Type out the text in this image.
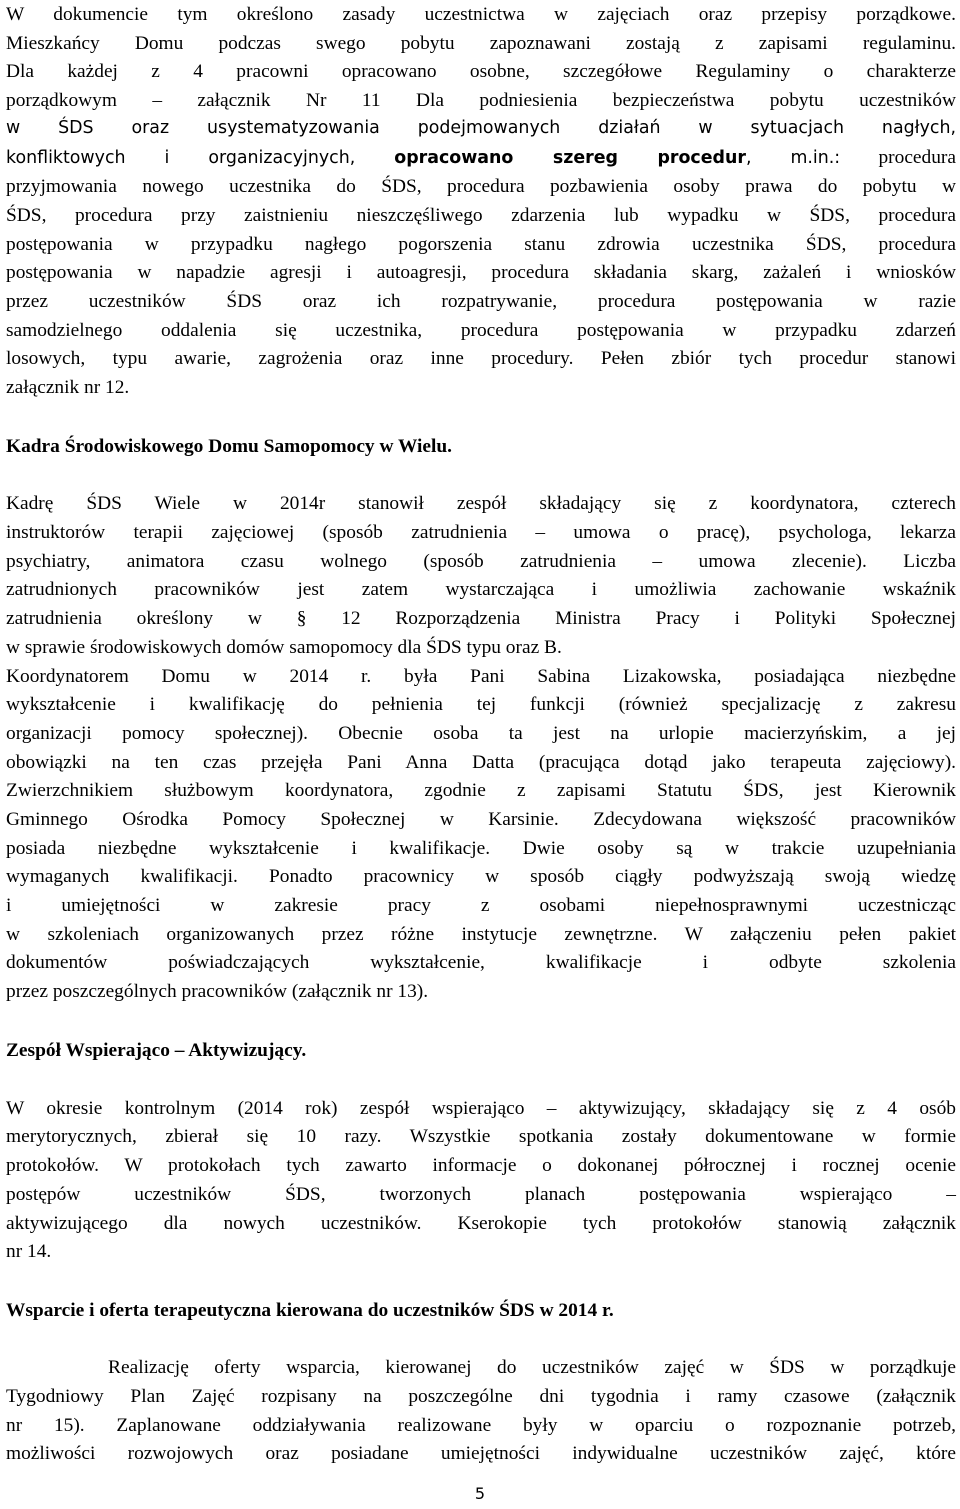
W dokumencie tym określono zasady uczestnictwa w zajęciach oraz przepisy porządkowe.
Mieszkańcy Domu podczas swego pobytu zapoznawani zostają z zapisami regulaminu.
Dla każdej z 4 pracowni opracowano osobne, szczegółowe Regulaminy o charakterze
porządkowym – załącznik Nr 11 Dla podniesienia bezpieczeństwa pobytu uczestników
w ŚDS oraz usystematyzowania podejmowanych działań w sytuacjach nagłych,
konfliktowych i organizacyjnych, opracowano szereg procedur, m.in.: procedura
przyjmowania nowego uczestnika do ŚDS, procedura pozbawienia osoby prawa do pobytu w
ŚDS, procedura przy zaistnieniu nieszczęśliwego zdarzenia lub wypadku w ŚDS, procedura
postępowania w przypadku nagłego pogorszenia stanu zdrowia uczestnika ŚDS, procedura
postępowania w napadzie agresji i autoagresji, procedura składania skarg, zażaleń i wniosków
przez uczestników ŚDS oraz ich rozpatrywanie, procedura postępowania w razie
samodzielnego oddalenia się uczestnika, procedura postępowania w przypadku zdarzeń
losowych, typu awarie, zagrożenia oraz inne procedury. Pełen zbiór tych procedur stanowi
załącznik nr 12.
Kadra Środowiskowego Domu Samopomocy w Wielu.
Kadrę ŚDS Wiele w 2014r stanowił zespół składający się z koordynatora, czterech
instruktorów terapii zajęciowej (sposób zatrudnienia – umowa o pracę), psychologa, lekarza
psychiatry, animatora czasu wolnego (sposób zatrudnienia – umowa zlecenie). Liczba
zatrudnionych pracowników jest zatem wystarczająca i umożliwia zachowanie wskaźnik
zatrudnienia określony w § 12 Rozporządzenia Ministra Pracy i Polityki Społecznej
w sprawie środowiskowych domów samopomocy dla ŚDS typu oraz B.
Koordynatorem Domu w 2014 r. była Pani Sabina Lizakowska, posiadająca niezbędne
wykształcenie i kwalifikację do pełnienia tej funkcji (również specjalizację z zakresu
organizacji pomocy społecznej). Obecnie osoba ta jest na urlopie macierzyńskim, a jej
obowiązki na ten czas przejęła Pani Anna Datta (pracująca dotąd jako terapeuta zajęciowy).
Zwierzchnikiem służbowym koordynatora, zgodnie z zapisami Statutu ŚDS, jest Kierownik
Gminnego Ośrodka Pomocy Społecznej w Karsinie. Zdecydowana większość pracowników
posiada niezbędne wykształcenie i kwalifikacje. Dwie osoby są w trakcie uzupełniania
wymaganych kwalifikacji. Ponadto pracownicy w sposób ciągły podwyższają swoją wiedzę
i umiejętności w zakresie pracy z osobami niepełnosprawnymi uczestnicząc
w szkoleniach organizowanych przez różne instytucje zewnętrzne. W załączeniu pełen pakiet
dokumentów poświadczających wykształcenie, kwalifikacje i odbyte szkolenia
przez poszczególnych pracowników (załącznik nr 13).
Zespół Wspierająco – Aktywizujący.
W okresie kontrolnym (2014 rok) zespół wspierająco – aktywizujący, składający się z 4 osób
merytorycznych, zbierał się 10 razy. Wszystkie spotkania zostały dokumentowane w formie
protokołów. W protokołach tych zawarto informacje o dokonanej półrocznej i rocznej ocenie
postępów uczestników ŚDS, tworzonych planach postępowania wspierająco –
aktywizującego dla nowych uczestników. Kserokopie tych protokołów stanowią załącznik
nr 14.
Wsparcie i oferta terapeutyczna kierowana do uczestników ŚDS w 2014 r.
Realizację oferty wsparcia, kierowanej do uczestników zajęć w ŚDS w porządkuje
Tygodniowy Plan Zajęć rozpisany na poszczególne dni tygodnia i ramy czasowe (załącznik
nr 15). Zaplanowane oddziaływania realizowane były w oparciu o rozpoznanie potrzeb,
możliwości rozwojowych oraz posiadane umiejętności indywidualne uczestników zajęć, które
5
